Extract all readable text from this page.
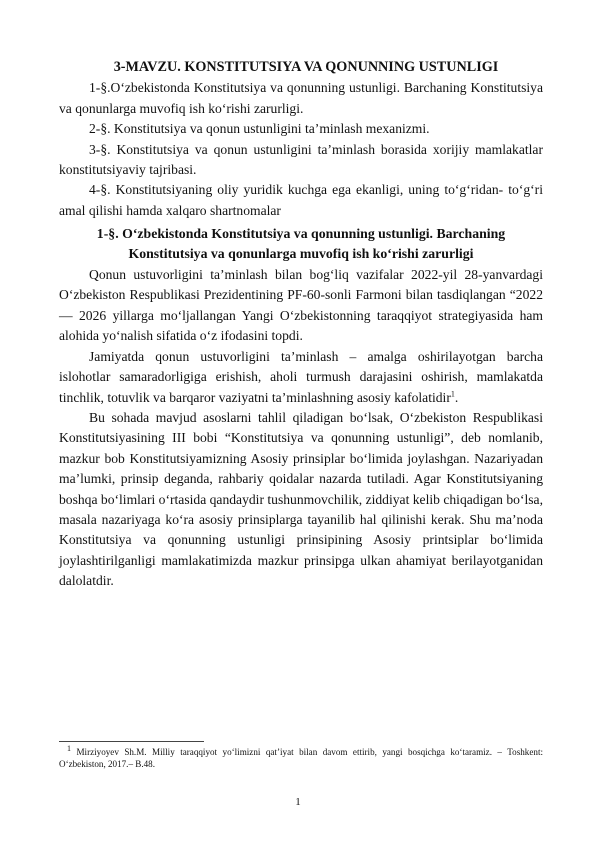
3-MAVZU. KONSTITUTSIYA VA QONUNNING USTUNLIGI

1-§.O‘zbekistonda Konstitutsiya va qonunning ustunligi. Barchaning Konstitutsiya va qonunlarga muvofiq ish ko‘rishi zarurligi.

2-§. Konstitutsiya va qonun ustunligini ta’minlash mexanizmi.

3-§. Konstitutsiya va qonun ustunligini ta’minlash borasida xorijiy mamlakatlar konstitutsiyaviy tajribasi.

4-§. Konstitutsiyaning oliy yuridik kuchga ega ekanligi, uning to‘g‘ridan- to‘g‘ri amal qilishi hamda xalqaro shartnomalar

1-§. O‘zbekistonda Konstitutsiya va qonunning ustunligi. Barchaning Konstitutsiya va qonunlarga muvofiq ish ko‘rishi zarurligi

Qonun ustuvorligini ta’minlash bilan bog‘liq vazifalar 2022-yil 28-yanvardagi O‘zbekiston Respublikasi Prezidentining PF-60-sonli Farmoni bilan tasdiqlangan “2022 — 2026 yillarga mo‘ljallangan Yangi O‘zbekistonning taraqqiyot strategiyasida ham alohida yo‘nalish sifatida o‘z ifodasini topdi.

Jamiyatda qonun ustuvorligini ta’minlash – amalga oshirilayotgan barcha islohotlar samaradorligiga erishish, aholi turmush darajasini oshirish, mamlakatda tinchlik, totuvlik va barqaror vaziyatni ta’minlashning asosiy kafolatidir$^1$.

Bu sohada mavjud asoslarni tahlil qiladigan bo‘lsak, O‘zbekiston Respublikasi Konstitutsiyasining III bobi “Konstitutsiya va qonunning ustunligi”, deb nomlanib, mazkur bob Konstitutsiyamizning Asosiy prinsiplar bo‘limida joylashgan. Nazariyadan ma’lumki, prinsip deganda, rahbariy qoidalar nazarda tutiladi. Agar Konstitutsiyaning boshqa bo‘limlari o‘rtasida qandaydir tushunmovchilik, ziddiyat kelib chiqadigan bo‘lsa, masala nazariyaga ko‘ra asosiy prinsiplarga tayanilib hal qilinishi kerak. Shu ma’noda Konstitutsiya va qonunning ustunligi prinsipining Asosiy printsiplar bo‘limida joylashtirilganligi mamlakatimizda mazkur prinsipga ulkan ahamiyat berilayotganidan dalolatdir.

$^1$ Mirziyoyev Sh.M. Milliy taraqqiyot yo‘limizni qat’iyat bilan davom ettirib, yangi bosqichga ko‘taramiz. – Toshkent: O‘zbekiston, 2017.– B.48.
1
